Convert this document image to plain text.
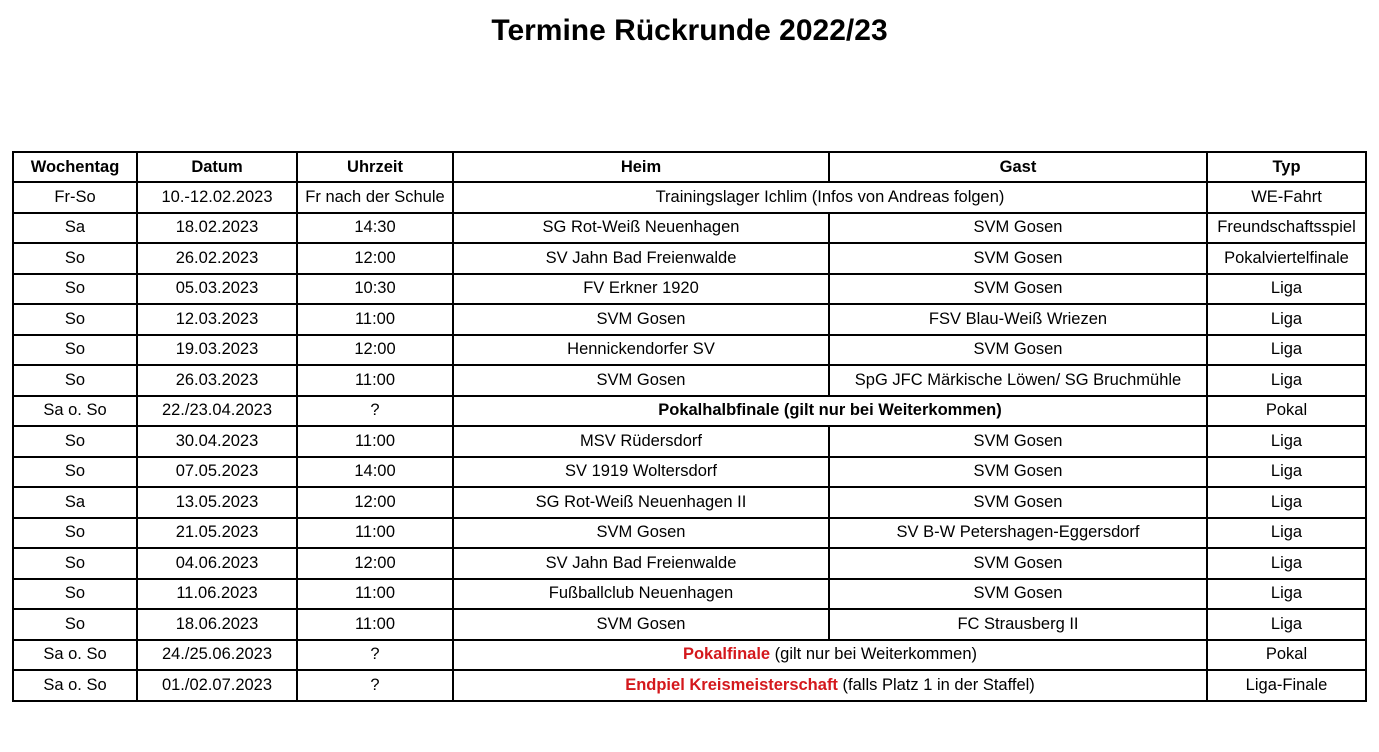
Termine Rückrunde 2022/23
Wochentag	Datum	Uhrzeit	Heim	Gast	Typ
Fr-So	10.-12.02.2023	Fr nach der Schule	Trainingslager Ichlim (Infos von Andreas folgen)		WE-Fahrt
Sa	18.02.2023	14:30	SG Rot-Weiß Neuenhagen	SVM Gosen	Freundschaftsspiel
So	26.02.2023	12:00	SV Jahn Bad Freienwalde	SVM Gosen	Pokalviertelfinale
So	05.03.2023	10:30	FV Erkner 1920	SVM Gosen	Liga
So	12.03.2023	11:00	SVM Gosen	FSV Blau-Weiß Wriezen	Liga
So	19.03.2023	12:00	Hennickendorfer SV	SVM Gosen	Liga
So	26.03.2023	11:00	SVM Gosen	SpG JFC Märkische Löwen/ SG Bruchmühle	Liga
Sa o. So	22./23.04.2023	?	Pokalhalbfinale (gilt nur bei Weiterkommen)		Pokal
So	30.04.2023	11:00	MSV Rüdersdorf	SVM Gosen	Liga
So	07.05.2023	14:00	SV 1919 Woltersdorf	SVM Gosen	Liga
Sa	13.05.2023	12:00	SG Rot-Weiß Neuenhagen II	SVM Gosen	Liga
So	21.05.2023	11:00	SVM Gosen	SV B-W Petershagen-Eggersdorf	Liga
So	04.06.2023	12:00	SV Jahn Bad Freienwalde	SVM Gosen	Liga
So	11.06.2023	11:00	Fußballclub Neuenhagen	SVM Gosen	Liga
So	18.06.2023	11:00	SVM Gosen	FC Strausberg II	Liga
Sa o. So	24./25.06.2023	?	Pokalfinale (gilt nur bei Weiterkommen)		Pokal
Sa o. So	01./02.07.2023	?	Endpiel Kreismeisterschaft (falls Platz 1 in der Staffel)		Liga-Finale
